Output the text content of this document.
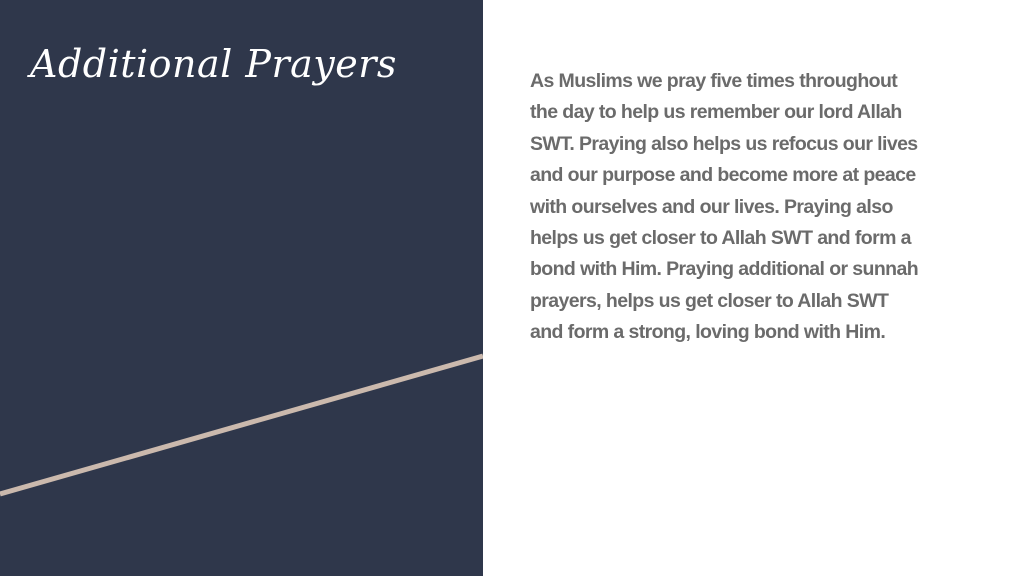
Additional Prayers	As Muslims we pray five times throughout
the day to help us remember our lord Allah
SWT. Praying also helps us refocus our lives
and our purpose and become more at peace
with ourselves and our lives. Praying also
helps us get closer to Allah SWT and form a
bond with Him. Praying additional or sunnah
prayers, helps us get closer to Allah SWT
and form a strong, loving bond with Him.
